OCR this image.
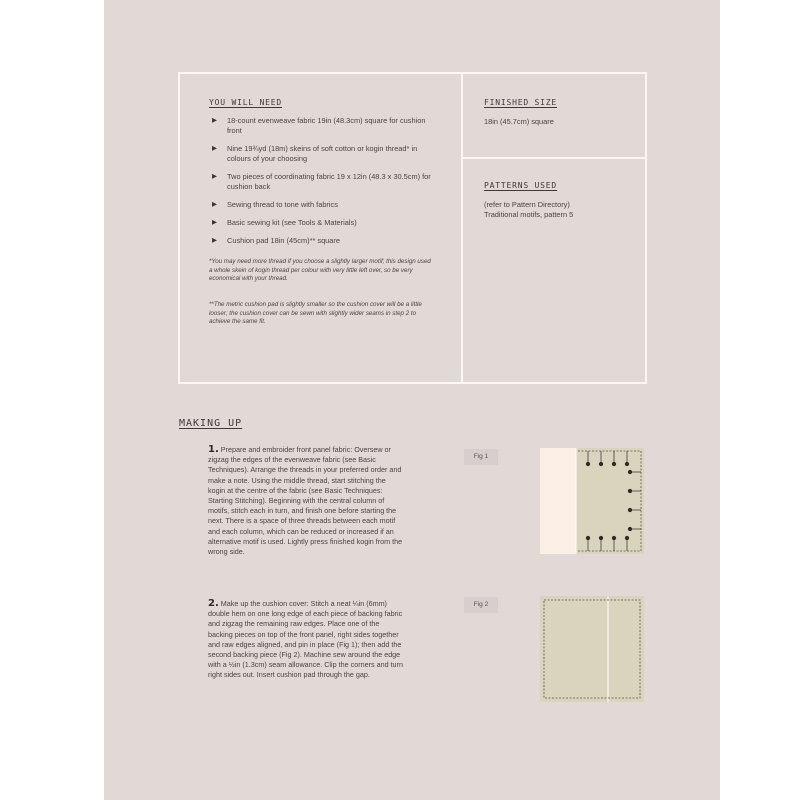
YOU WILL NEED
▶ 18-count evenweave fabric 19in (48.3cm) square for cushion front
▶ Nine 19¾yd (18m) skeins of soft cotton or kogin thread* in colours of your choosing
▶ Two pieces of coordinating fabric 19 x 12in (48.3 x 30.5cm) for cushion back
▶ Sewing thread to tone with fabrics
▶ Basic sewing kit (see Tools & Materials)
▶ Cushion pad 18in (45cm)** square
*You may need more thread if you choose a slightly larger motif; this design used a whole skein of kogin thread per colour with very little left over, so be very economical with your thread.
**The metric cushion pad is slightly smaller so the cushion cover will be a little looser; the cushion cover can be sewn with slightly wider seams in step 2 to achieve the same fit.
FINISHED SIZE
18in (45.7cm) square
PATTERNS USED
(refer to Pattern Directory)
Traditional motifs, pattern 5
MAKING UP
1. Prepare and embroider front panel fabric: Oversew or zigzag the edges of the evenweave fabric (see Basic Techniques). Arrange the threads in your preferred order and make a note. Using the middle thread, start stitching the kogin at the centre of the fabric (see Basic Techniques: Starting Stitching). Beginning with the central column of motifs, stitch each in turn, and finish one before starting the next. There is a space of three threads between each motif and each column, which can be reduced or increased if an alternative motif is used. Lightly press finished kogin from the wrong side.
2. Make up the cushion cover: Stitch a neat ¼in (6mm) double hem on one long edge of each piece of backing fabric and zigzag the remaining raw edges. Place one of the backing pieces on top of the front panel, right sides together and raw edges aligned, and pin in place (Fig 1); then add the second backing piece (Fig 2). Machine sew around the edge with a ½in (1.3cm) seam allowance. Clip the corners and turn right sides out. Insert cushion pad through the gap.
Fig 1
Fig 2
